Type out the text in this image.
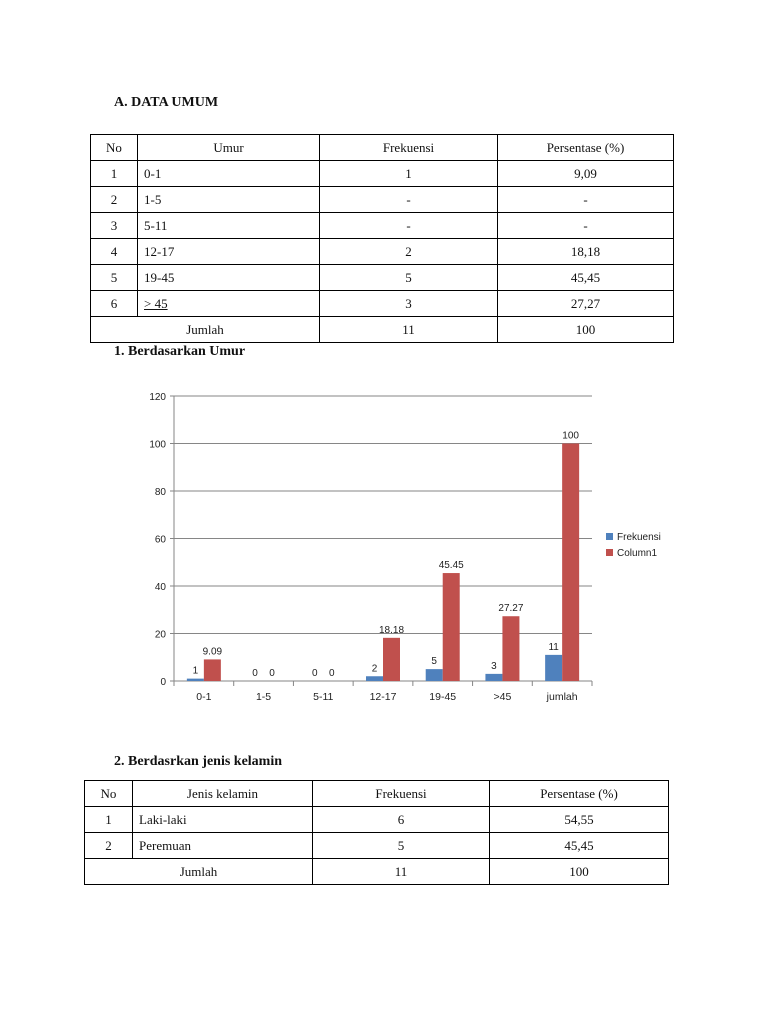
A. DATA UMUM
No	Umur	Frekuensi	Persentase (%)
1	0-1	1	9,09
2	1-5	-	-
3	5-11	-	-
4	12-17	2	18,18
5	19-45	5	45,45
6	> 45	3	27,27
Jumlah		11	100
1. Berdasarkan Umur
0
20
40
60
80
100
120
0-1
1
9.09
1-5
0 0
5-11
0 0
12-17
2
18.18
19-45
5
45.45
>45
3
27.27
jumlah
11
100
Frekuensi
Column1
2. Berdasrkan jenis kelamin
No	Jenis kelamin	Frekuensi	Persentase (%)
1	Laki-laki	6	54,55
2	Peremuan	5	45,45
Jumlah		11	100
